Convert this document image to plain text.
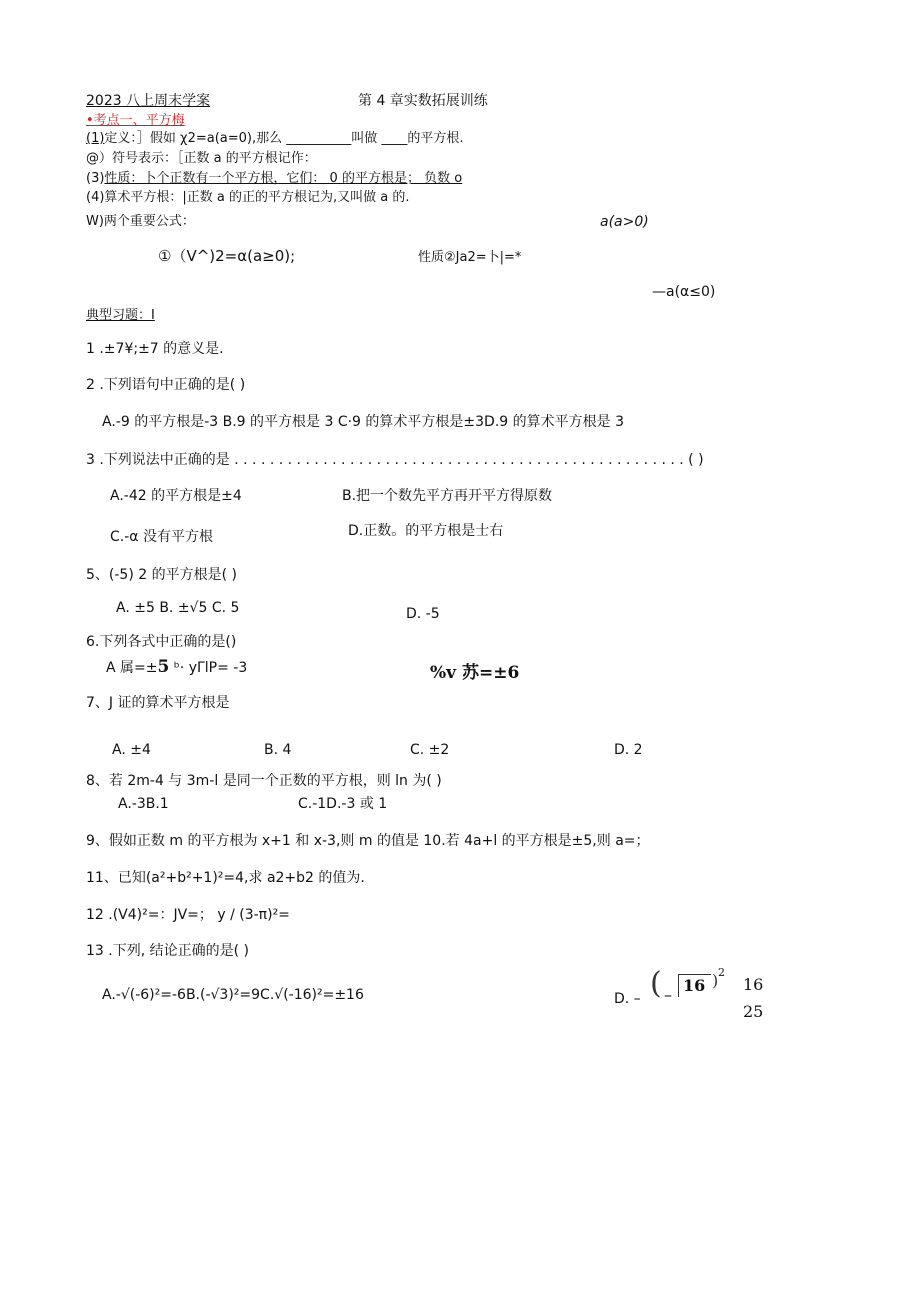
2023 八上周末学案	第 4 章实数拓展训练
•考点一、平方梅
(1)定义：］假如 χ2=a(a=0),那么 __________叫做 ____的平方根.
@）符号表示：［正数 a 的平方根记作：
(3)性质：卜个正数有一个平方根，它们： 0 的平方根是； 负数 o
(4)算术平方根：|正数 a 的正的平方根记为,又叫做 a 的.
W)两个重要公式：	a(a>0)
①（V^)2=α(a≥0);	性质②Ja2=卜|=*
—a(α≤0)
典型习题：I
1 .±7¥;±7 的意义是.
2 .下列语句中正确的是( )
A.-9 的平方根是-3 B.9 的平方根是 3 C·9 的算术平方根是±3D.9 的算术平方根是 3
3 .下列说法中正确的是 . . . . . . . . . . . . . . . . . . . . . . . . . . . . . . . . . . . . . . . . . . . . . . . . . . . ( )
A.-42 的平方根是±4	B.把一个数先平方再开平方得原数
C.-α 没有平方根	D.正数。的平方根是士右
5、(-5) 2 的平方根是( )
A. ±5 B. ±√5 C. 5	D. -5
6.下列各式中正确的是()
A 属=±5 ᵇ· yΓlP= -3	%v 苏=±6
7、J 证的算术平方根是
A. ±4	B. 4	C. ±2	D. 2
8、若 2m-4 与 3m-l 是同一个正数的平方根，则 ln 为( )
A.-3B.1	C.-1D.-3 或 1
9、假如正数 m 的平方根为 x+1 和 x-3,则 m 的值是 10.若 4a+l 的平方根是±5,则 a=；
11、已知(a²+b²+1)²=4,求 a2+b2 的值为.
12 .(V4)²=：JV=； y / (3-π)²=
13 .下列, 结论正确的是( )
A.-√(-6)²=-6B.(-√3)²=9C.√(-16)²=±16	D. – ( – 16 ) 2
16
25
